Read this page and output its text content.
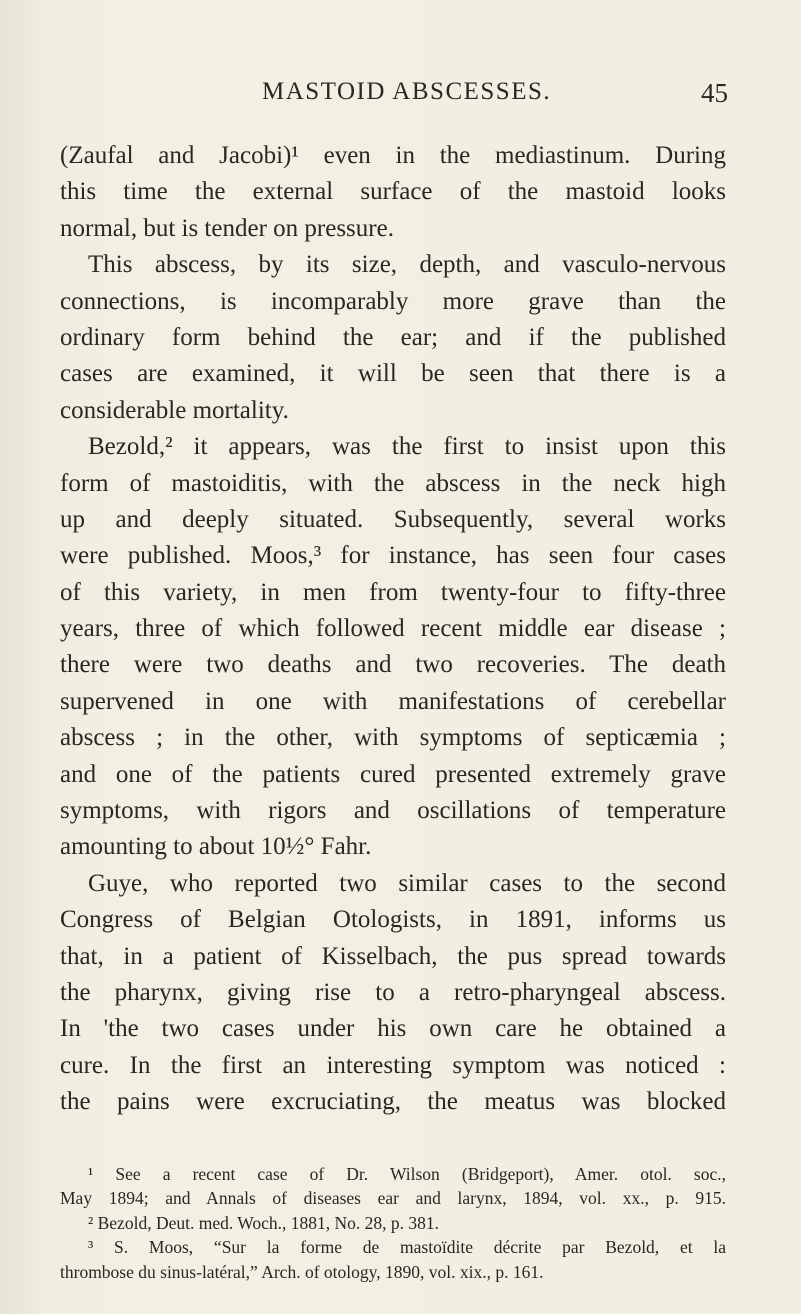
MASTOID ABSCESSES.	45
(Zaufal and Jacobi)¹ even in the mediastinum. During
this time the external surface of the mastoid looks
normal, but is tender on pressure.
This abscess, by its size, depth, and vasculo-nervous
connections, is incomparably more grave than the
ordinary form behind the ear; and if the published
cases are examined, it will be seen that there is a
considerable mortality.
Bezold,² it appears, was the first to insist upon this
form of mastoiditis, with the abscess in the neck high
up and deeply situated. Subsequently, several works
were published. Moos,³ for instance, has seen four cases
of this variety, in men from twenty-four to fifty-three
years, three of which followed recent middle ear disease ;
there were two deaths and two recoveries. The death
supervened in one with manifestations of cerebellar
abscess ; in the other, with symptoms of septicæmia ;
and one of the patients cured presented extremely grave
symptoms, with rigors and oscillations of temperature
amounting to about 10½° Fahr.
Guye, who reported two similar cases to the second
Congress of Belgian Otologists, in 1891, informs us
that, in a patient of Kisselbach, the pus spread towards
the pharynx, giving rise to a retro-pharyngeal abscess.
In 'the two cases under his own care he obtained a
cure. In the first an interesting symptom was noticed :
the pains were excruciating, the meatus was blocked
¹ See a recent case of Dr. Wilson (Bridgeport), Amer. otol. soc.,
May 1894; and Annals of diseases ear and larynx, 1894, vol. xx., p. 915.
² Bezold, Deut. med. Woch., 1881, No. 28, p. 381.
³ S. Moos, “Sur la forme de mastoïdite décrite par Bezold, et la
thrombose du sinus-latéral,” Arch. of otology, 1890, vol. xix., p. 161.
